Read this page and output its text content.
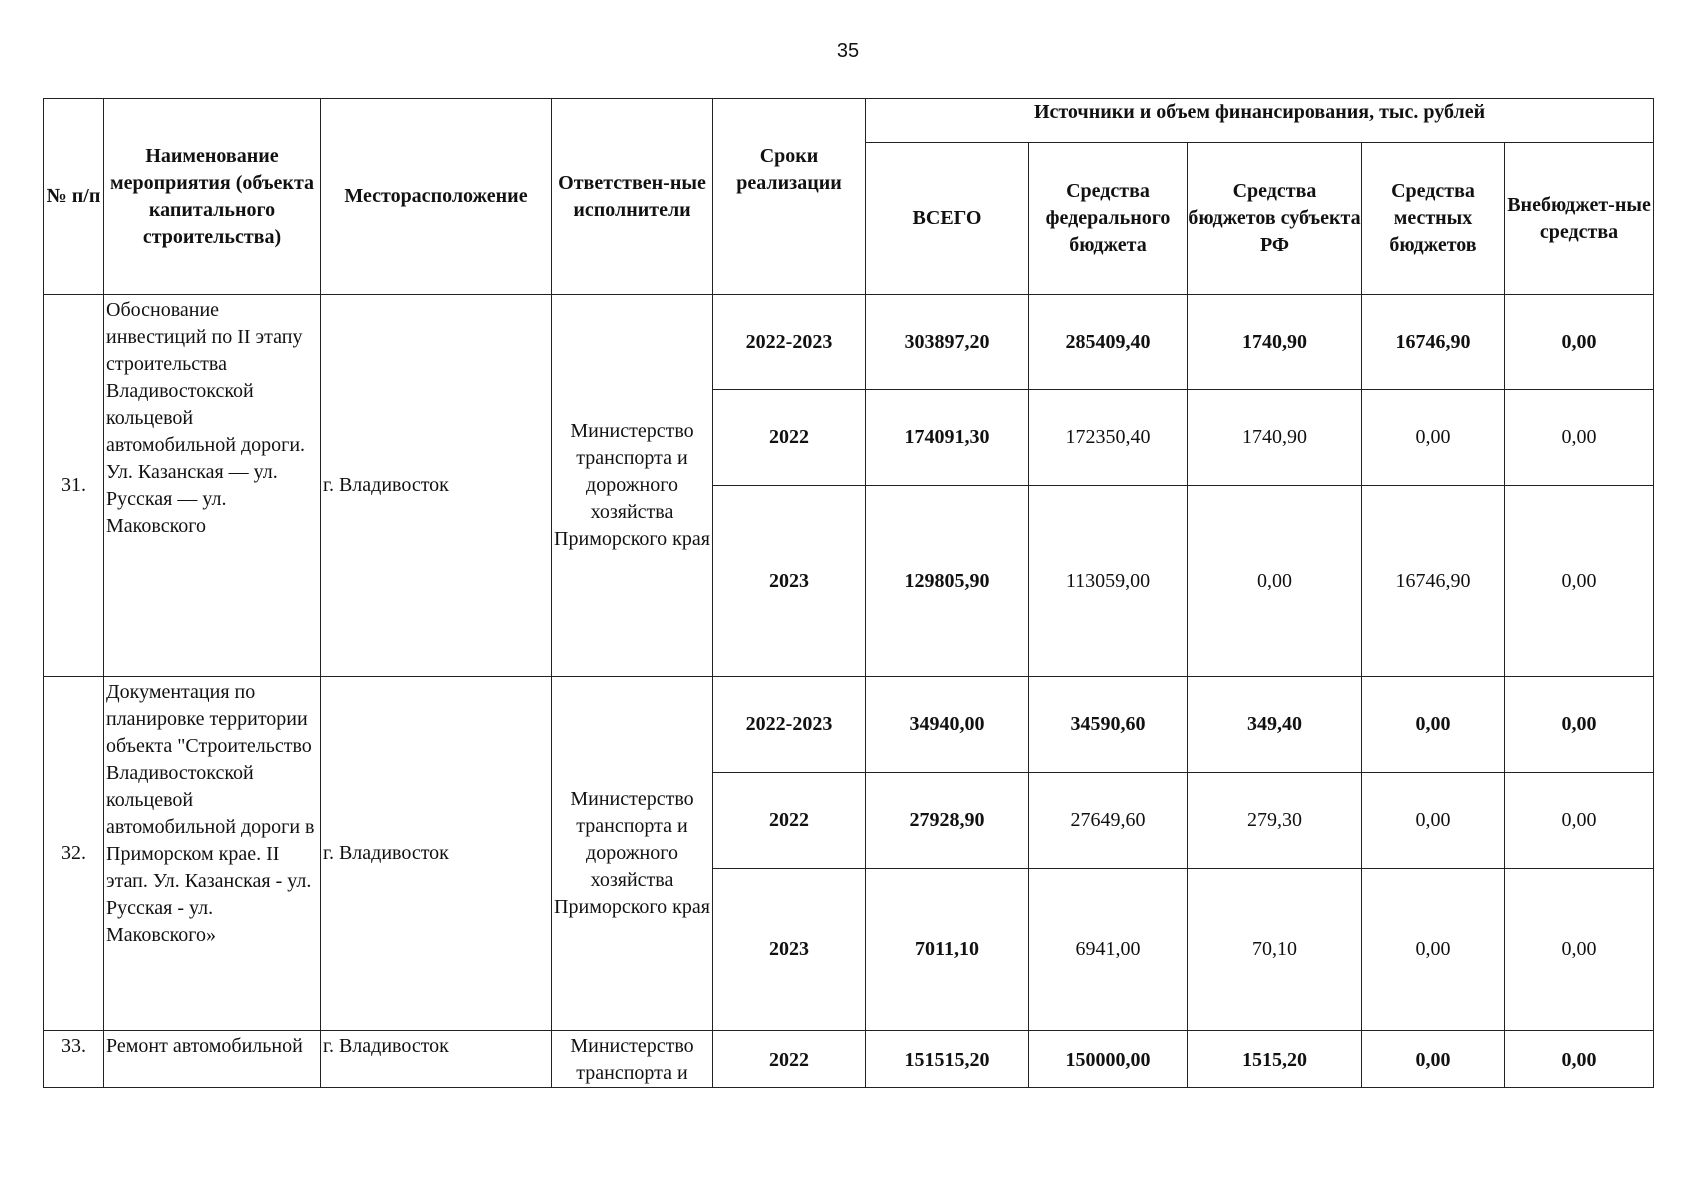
35
№ п/п	Наименование мероприятия (объекта капитального строительства)	Месторасположение	Ответствен-ные исполнители	Сроки реализации	Источники и объем финансирования, тыс. рублей				
					ВСЕГО	Средства федерального бюджета	Средства бюджетов субъекта РФ	Средства местных бюджетов	Внебюджет-ные средства
31.	Обоснование инвестиций по II этапу строительства Владивостокской кольцевой автомобильной дороги. Ул. Казанская — ул. Русская — ул. Маковского	г. Владивосток	Министерство транспорта и дорожного хозяйства Приморского края	2022-2023	303897,20	285409,40	1740,90	16746,90	0,00
				2022	174091,30	172350,40	1740,90	0,00	0,00
				2023	129805,90	113059,00	0,00	16746,90	0,00
32.	Документация по планировке территории объекта "Строительство Владивостокской кольцевой автомобильной дороги в Приморском крае. II этап. Ул. Казанская - ул. Русская - ул. Маковского»	г. Владивосток	Министерство транспорта и дорожного хозяйства Приморского края	2022-2023	34940,00	34590,60	349,40	0,00	0,00
				2022	27928,90	27649,60	279,30	0,00	0,00
				2023	7011,10	6941,00	70,10	0,00	0,00
33.	Ремонт автомобильной	г. Владивосток	Министерство транспорта и	2022	151515,20	150000,00	1515,20	0,00	0,00
